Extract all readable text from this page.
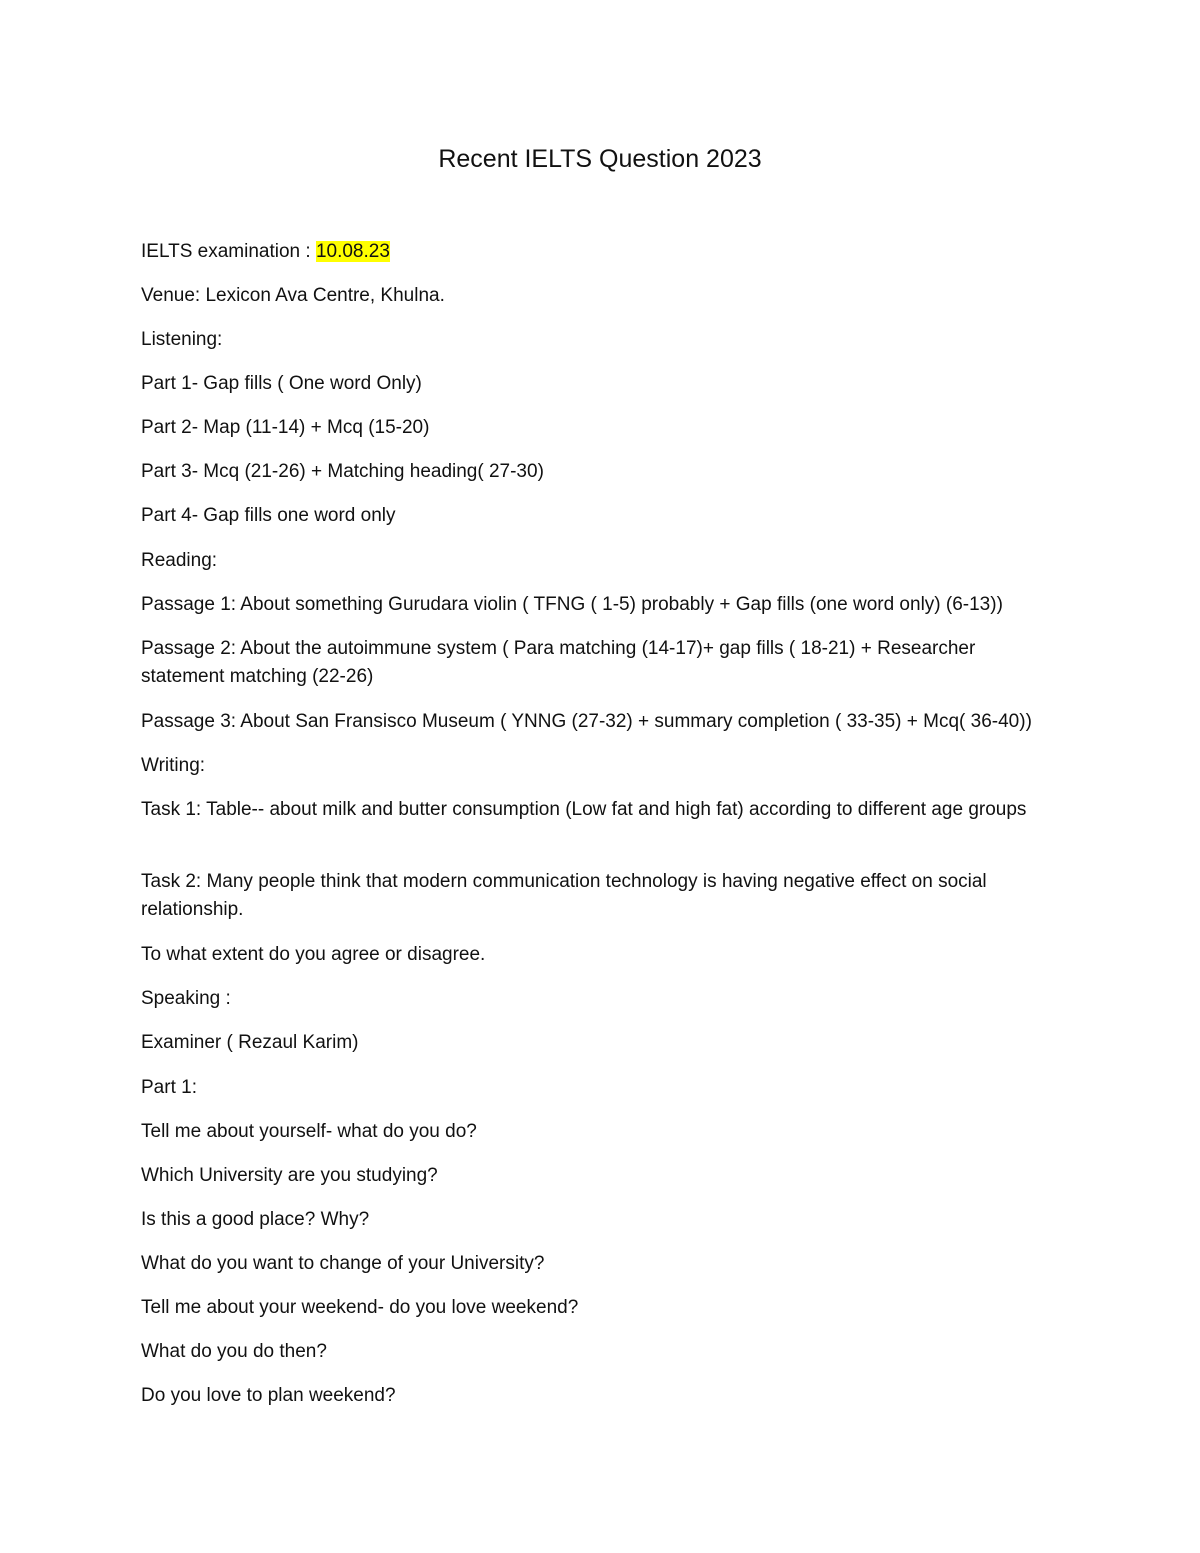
Recent IELTS Question 2023
IELTS examination : 10.08.23
Venue: Lexicon Ava Centre, Khulna.
Listening:
Part 1- Gap fills ( One word Only)
Part 2- Map (11-14) + Mcq (15-20)
Part 3- Mcq (21-26) + Matching heading( 27-30)
Part 4- Gap fills one word only
Reading:
Passage 1: About something Gurudara violin ( TFNG ( 1-5) probably + Gap fills (one word only) (6-13))
Passage 2: About the autoimmune system ( Para matching (14-17)+ gap fills ( 18-21) + Researcher statement matching (22-26)
Passage 3: About San Fransisco Museum ( YNNG (27-32) + summary completion ( 33-35) + Mcq( 36-40))
Writing:
Task 1: Table-- about milk and butter consumption (Low fat and high fat) according to different age groups
Task 2: Many people think that modern communication technology is having negative effect on social relationship.
To what extent do you agree or disagree.
Speaking :
Examiner ( Rezaul Karim)
Part 1:
Tell me about yourself- what do you do?
Which University are you studying?
Is this a good place? Why?
What do you want to change of your University?
Tell me about your weekend- do you love weekend?
What do you do then?
Do you love to plan weekend?
